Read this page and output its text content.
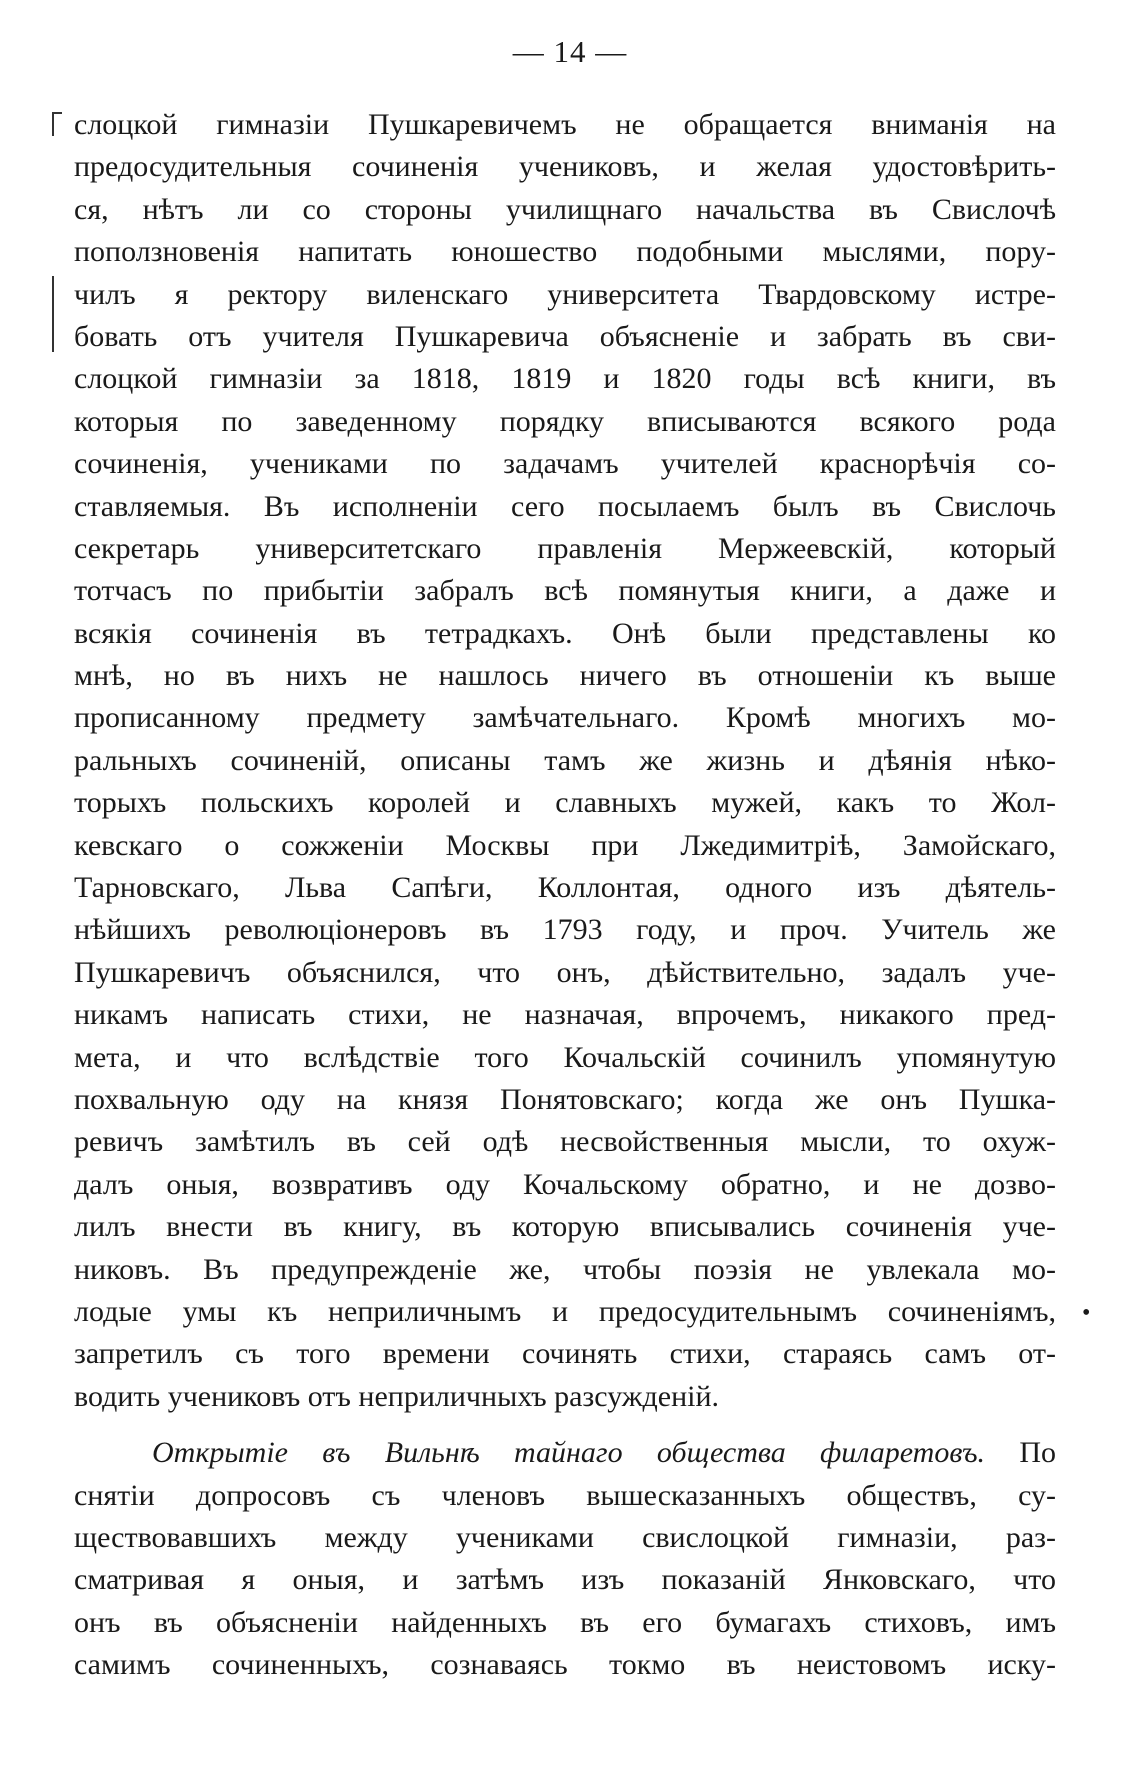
— 14 —
•
слоцкой гимназіи Пушкаревичемъ не обращается вниманія на
предосудительныя сочиненія учениковъ, и желая удостовѣрить-
ся, нѣтъ ли со стороны училищнаго начальства въ Свислочѣ
поползновенія напитать юношество подобными мыслями, пору-
чилъ я ректору виленскаго университета Твардовскому истре-
бовать отъ учителя Пушкаревича объясненіе и забрать въ сви-
слоцкой гимназіи за 1818, 1819 и 1820 годы всѣ книги, въ
которыя по заведенному порядку вписываются всякого рода
сочиненія, учениками по задачамъ учителей краснорѣчія со-
ставляемыя. Въ исполненіи сего посылаемъ былъ въ Свислочь
секретарь университетскаго правленія Мержеевскій, который
тотчасъ по прибытіи забралъ всѣ помянутыя книги, а даже и
всякія сочиненія въ тетрадкахъ. Онѣ были представлены ко
мнѣ, но въ нихъ не нашлось ничего въ отношеніи къ выше
прописанному предмету замѣчательнаго. Кромѣ многихъ мо-
ральныхъ сочиненій, описаны тамъ же жизнь и дѣянія нѣко-
торыхъ польскихъ королей и славныхъ мужей, какъ то Жол-
кевскаго о сожженіи Москвы при Лжедимитріѣ, Замойскаго,
Тарновскаго, Льва Сапѣги, Коллонтая, одного изъ дѣятель-
нѣйшихъ революціонеровъ въ 1793 году, и проч. Учитель же
Пушкаревичъ объяснился, что онъ, дѣйствительно, задалъ уче-
никамъ написать стихи, не назначая, впрочемъ, никакого пред-
мета, и что вслѣдствіе того Кочальскій сочинилъ упомянутую
похвальную оду на князя Понятовскаго; когда же онъ Пушка-
ревичъ замѣтилъ въ сей одѣ несвойственныя мысли, то охуж-
далъ оныя, возвративъ оду Кочальскому обратно, и не дозво-
лилъ внести въ книгу, въ которую вписывались сочиненія уче-
никовъ. Въ предупрежденіе же, чтобы поэзія не увлекала мо-
лодые умы къ неприличнымъ и предосудительнымъ сочиненіямъ,
запретилъ съ того времени сочинять стихи, стараясь самъ от-
водить учениковъ отъ неприличныхъ разсужденій.
Открытіе въ Вильнѣ тайнаго общества филаретовъ. По
снятіи допросовъ съ членовъ вышесказанныхъ обществъ, су-
ществовавшихъ между учениками свислоцкой гимназіи, раз-
сматривая я оныя, и затѣмъ изъ показаній Янковскаго, что
онъ въ объясненіи найденныхъ въ его бумагахъ стиховъ, имъ
самимъ сочиненныхъ, сознаваясь токмо въ неистовомъ иску-
